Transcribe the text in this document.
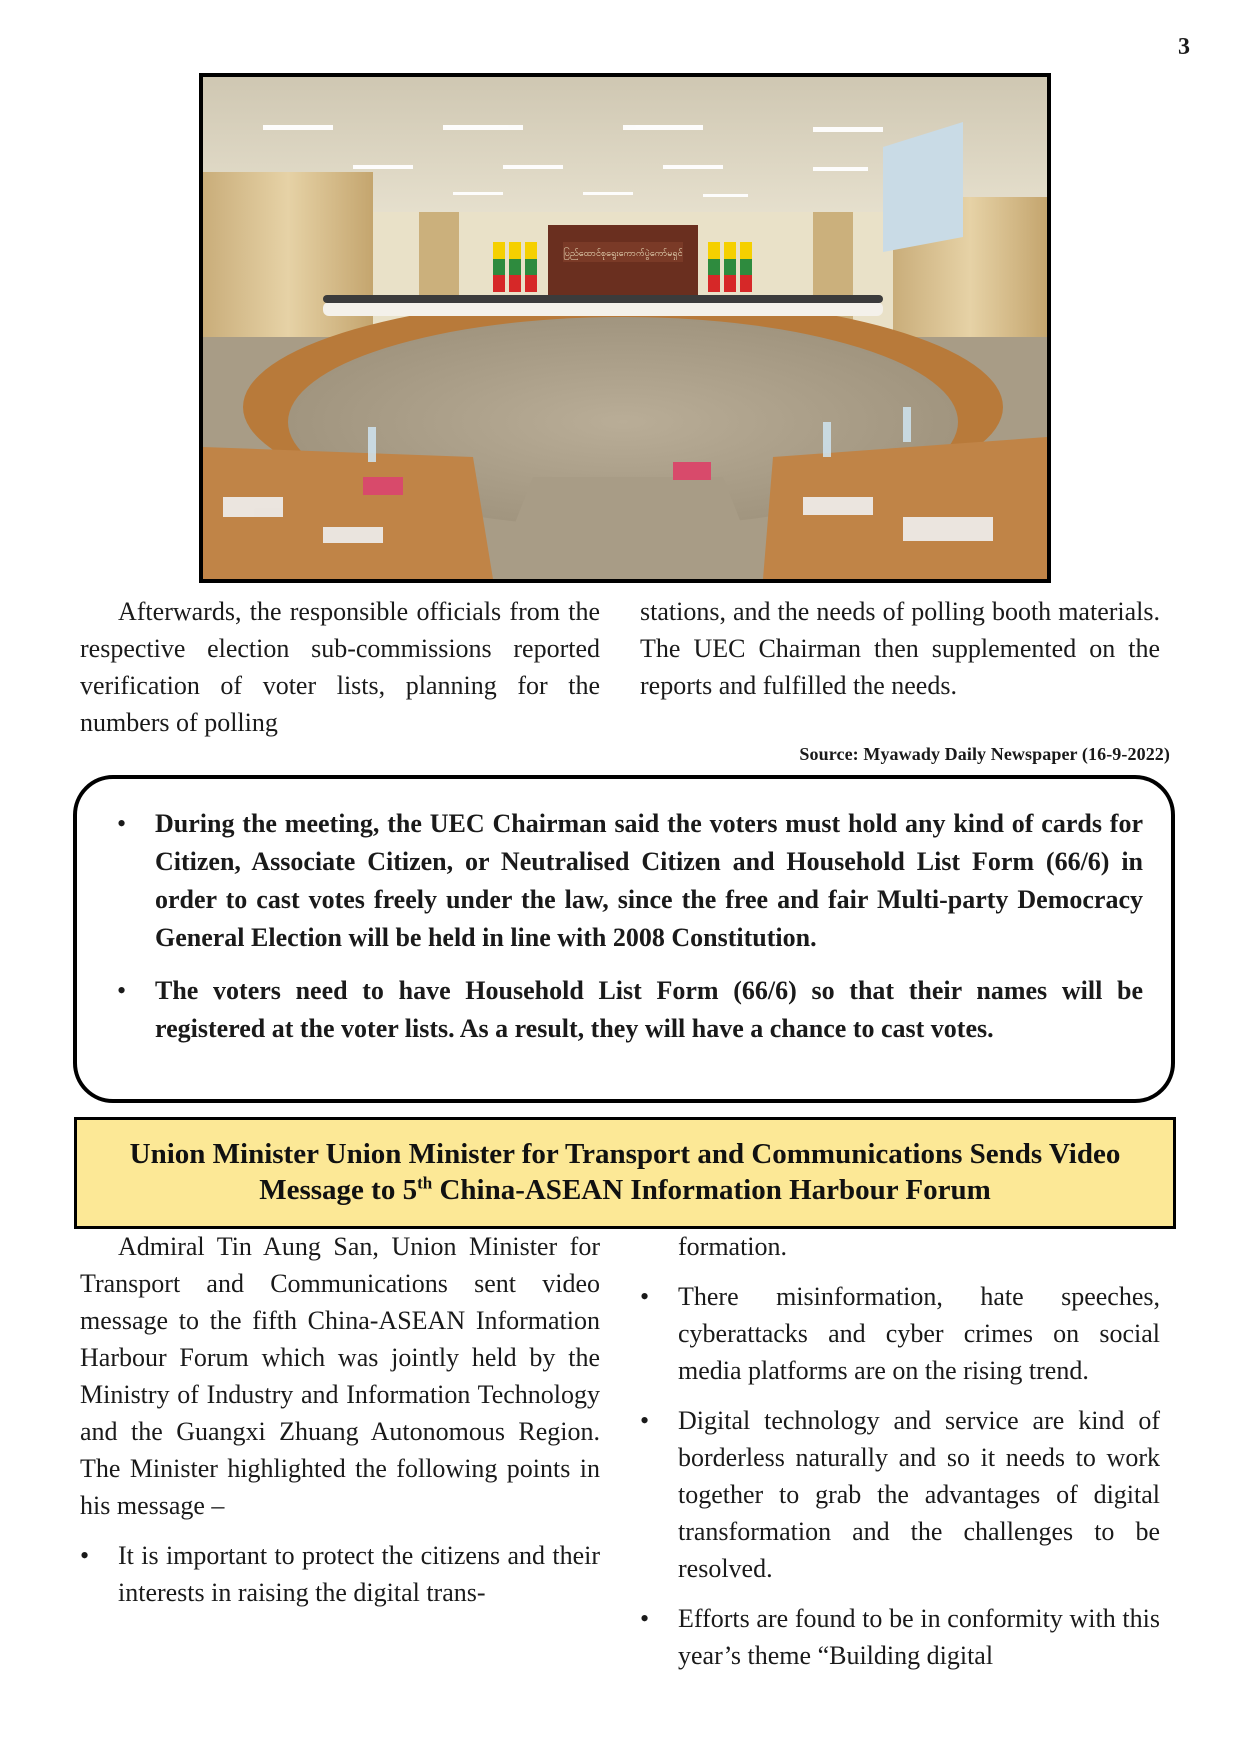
3
ပြည်ထောင်စုရွေးကောက်ပွဲကော်မရှင်

Afterwards, the responsible officials from the respective election sub-commissions reported verification of voter lists, planning for the numbers of polling

stations, and the needs of polling booth materials. The UEC Chairman then supplemented on the reports and fulfilled the needs.

Source: Myawady Daily Newspaper (16-9-2022)
• During the meeting, the UEC Chairman said the voters must hold any kind of cards for Citizen, Associate Citizen, or Neutralised Citizen and Household List Form (66/6) in order to cast votes freely under the law, since the free and fair Multi-party Democracy General Election will be held in line with 2008 Constitution.
• The voters need to have Household List Form (66/6) so that their names will be registered at the voter lists. As a result, they will have a chance to cast votes.
Union Minister Union Minister for Transport and Communications Sends Video
Message to 5th China-ASEAN Information Harbour Forum

Admiral Tin Aung San, Union Minister for Transport and Communications sent video message to the fifth China-ASEAN Information Harbour Forum which was jointly held by the Ministry of Industry and Information Technology and the Guangxi Zhuang Autonomous Region. The Minister highlighted the following points in his message –

• It is important to protect the citizens and their interests in raising the digital trans-

formation.

• There misinformation, hate speeches, cyberattacks and cyber crimes on social media platforms are on the rising trend.
• Digital technology and service are kind of borderless naturally and so it needs to work together to grab the advantages of digital transformation and the challenges to be resolved.
• Efforts are found to be in conformity with this year’s theme “Building digital
